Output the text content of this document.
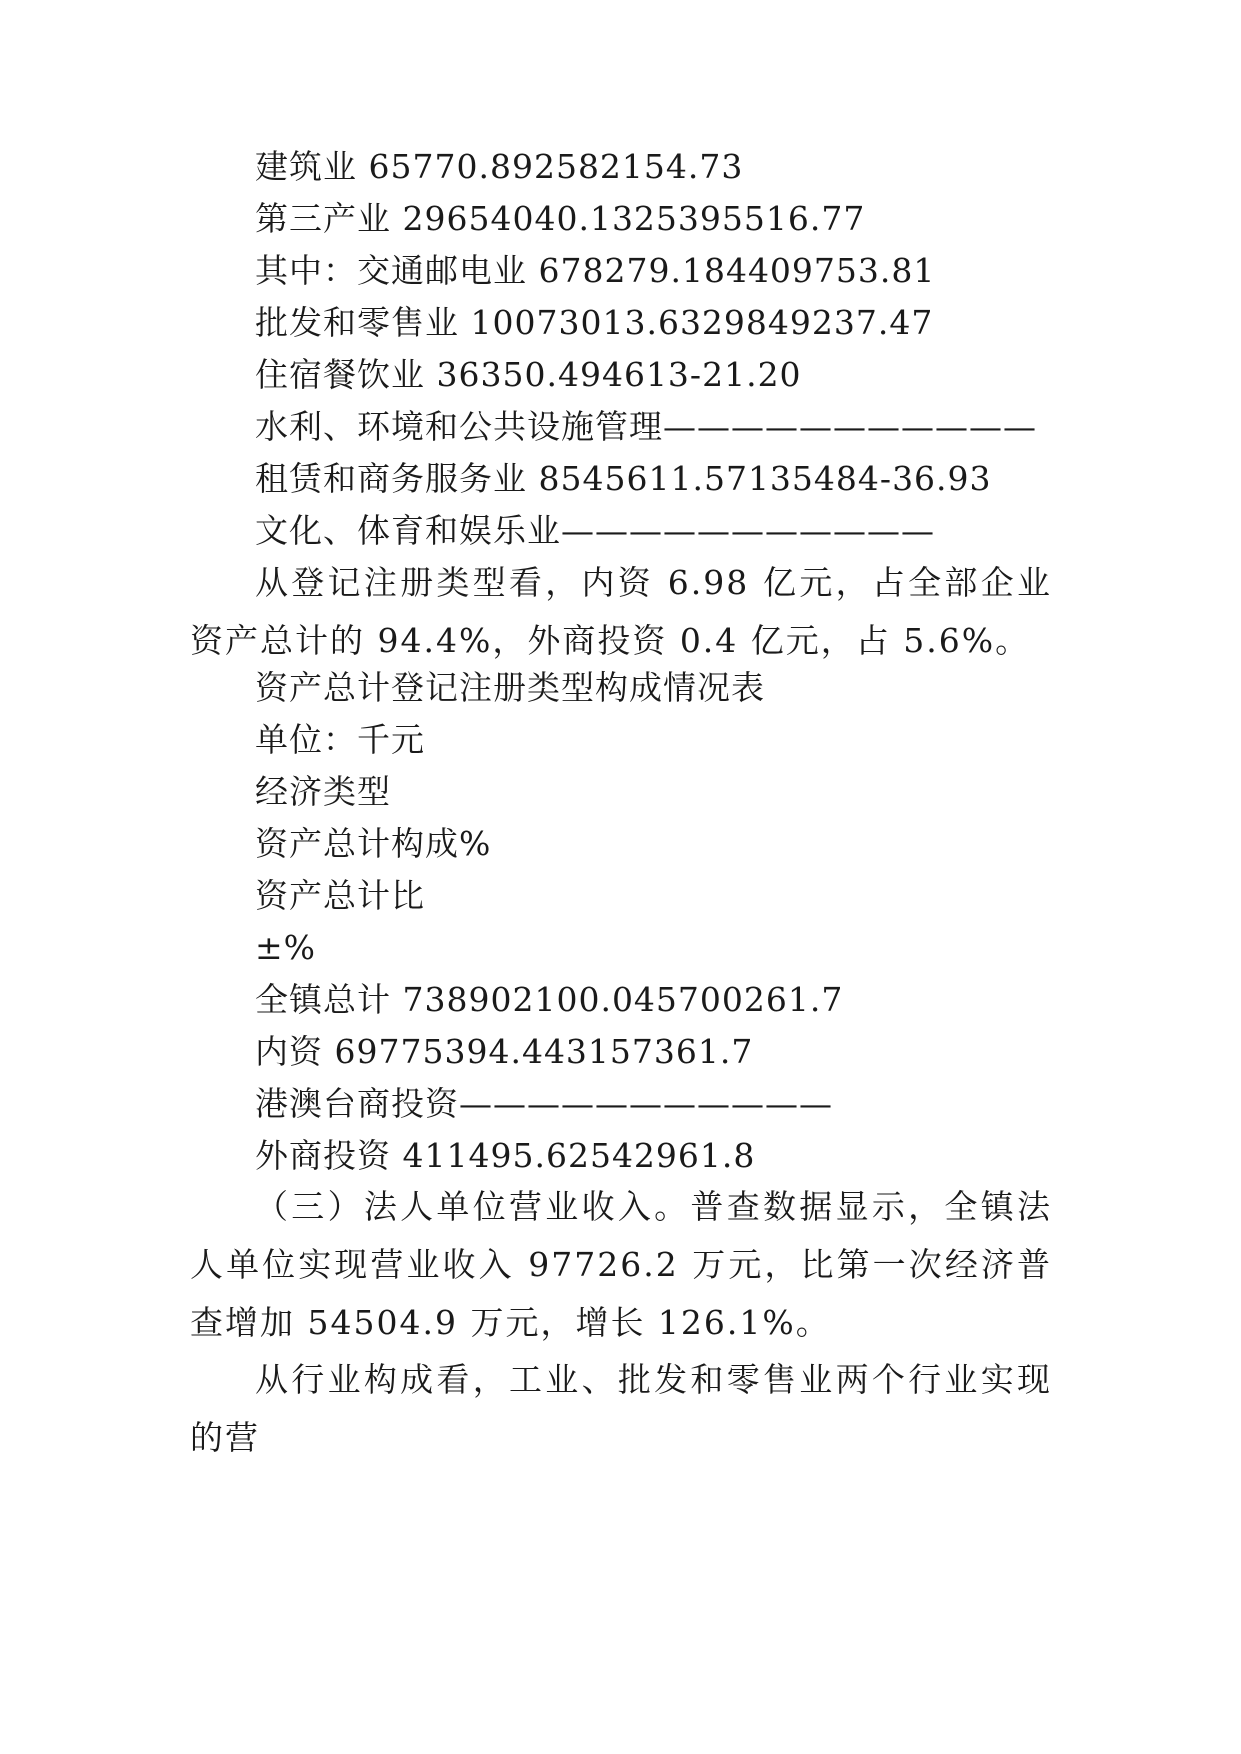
建筑业 65770.892582154.73
第三产业 29654040.1325395516.77
其中：交通邮电业 678279.184409753.81
批发和零售业 10073013.6329849237.47
住宿餐饮业 36350.494613-21.20
水利、环境和公共设施管理———————————
租赁和商务服务业 8545611.57135484-36.93
文化、体育和娱乐业———————————
从登记注册类型看，内资 6.98 亿元，占全部企业资产总计的 94.4%，外商投资 0.4 亿元，占 5.6%。
资产总计登记注册类型构成情况表
单位：千元
经济类型
资产总计构成%
资产总计比
±%
全镇总计 738902100.045700261.7
内资 69775394.443157361.7
港澳台商投资———————————
外商投资 411495.62542961.8
（三）法人单位营业收入。普查数据显示，全镇法人单位实现营业收入 97726.2 万元，比第一次经济普查增加 54504.9 万元，增长 126.1%。
从行业构成看，工业、批发和零售业两个行业实现的营
